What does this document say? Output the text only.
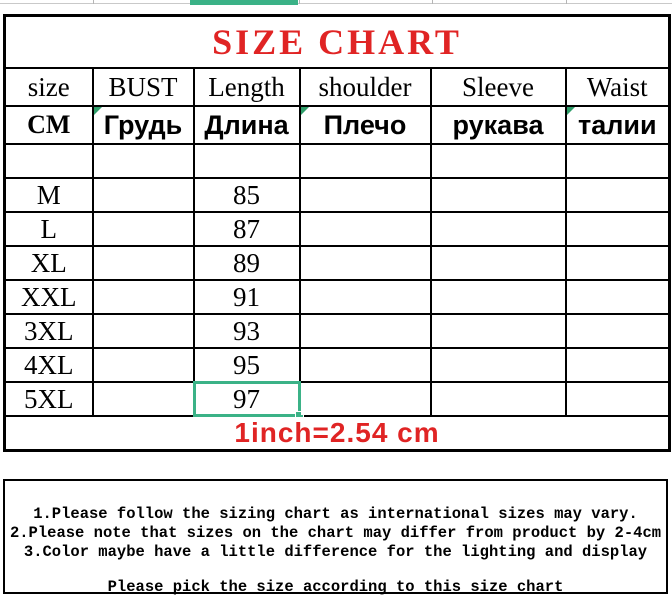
SIZE CHART					
size	BUST	Length	shoulder	Sleeve	Waist
CM	Грудь	Длина	Плечо	рукава	талии

M		85			
L		87			
XL		89			
XXL		91			
3XL		93			
4XL		95			
5XL		97

1inch=2.54 cm					
1.Please follow the sizing chart as international sizes may vary.
2.Please note that sizes on the chart may differ from product by 2-4cm
3.Color maybe have a little difference for the lighting and display
Please pick the size according to this size chart
